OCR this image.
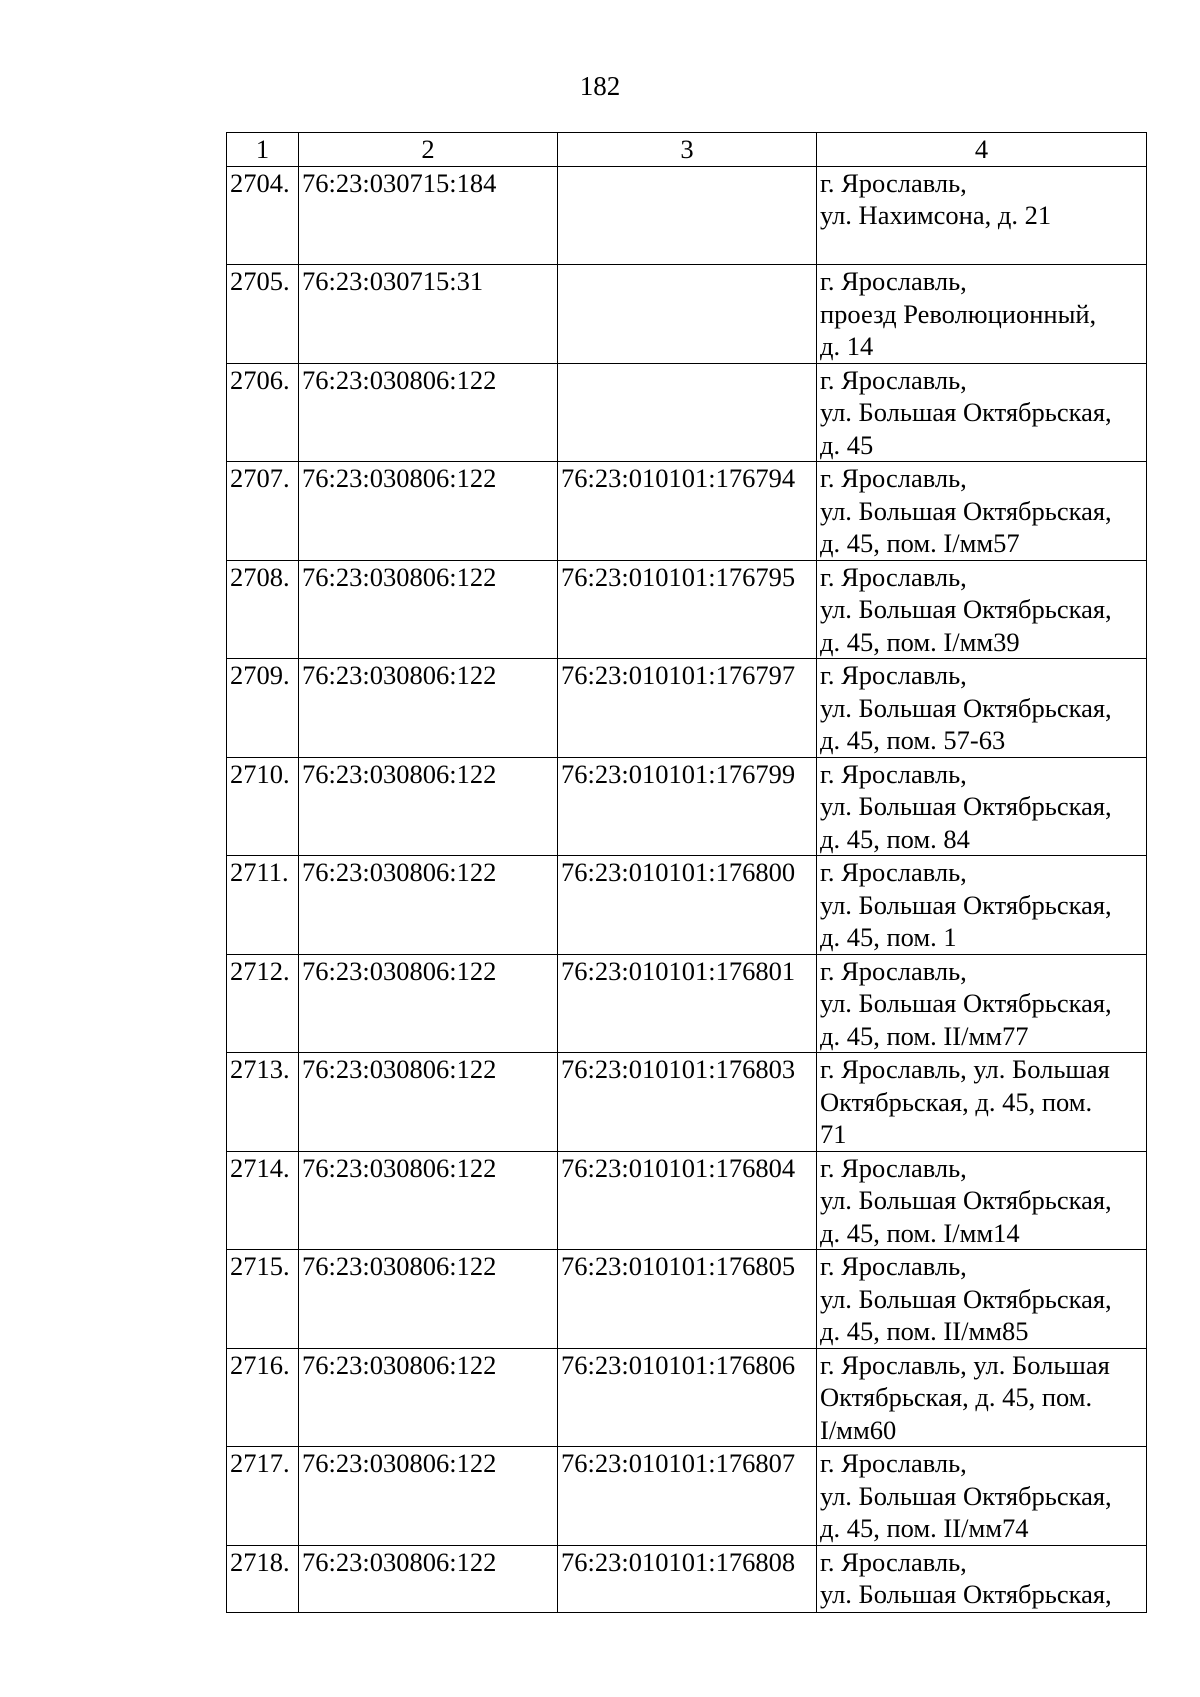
182
1	2	3	4
2704.	76:23:030715:184		г. Ярославль,
ул. Нахимсона, д. 21

2705.	76:23:030715:31		г. Ярославль,
проезд Революционный,
д. 14

2706.	76:23:030806:122		г. Ярославль,
ул. Большая Октябрьская,
д. 45

2707.	76:23:030806:122	76:23:010101:176794	г. Ярославль,
ул. Большая Октябрьская,
д. 45, пом. I/мм57

2708.	76:23:030806:122	76:23:010101:176795	г. Ярославль,
ул. Большая Октябрьская,
д. 45, пом. I/мм39

2709.	76:23:030806:122	76:23:010101:176797	г. Ярославль,
ул. Большая Октябрьская,
д. 45, пом. 57-63

2710.	76:23:030806:122	76:23:010101:176799	г. Ярославль,
ул. Большая Октябрьская,
д. 45, пом. 84

2711.	76:23:030806:122	76:23:010101:176800	г. Ярославль,
ул. Большая Октябрьская,
д. 45, пом. 1

2712.	76:23:030806:122	76:23:010101:176801	г. Ярославль,
ул. Большая Октябрьская,
д. 45, пом. II/мм77

2713.	76:23:030806:122	76:23:010101:176803	г. Ярославль, ул. Большая
Октябрьская, д. 45, пом.
71

2714.	76:23:030806:122	76:23:010101:176804	г. Ярославль,
ул. Большая Октябрьская,
д. 45, пом. I/мм14

2715.	76:23:030806:122	76:23:010101:176805	г. Ярославль,
ул. Большая Октябрьская,
д. 45, пом. II/мм85

2716.	76:23:030806:122	76:23:010101:176806	г. Ярославль, ул. Большая
Октябрьская, д. 45, пом.
I/мм60

2717.	76:23:030806:122	76:23:010101:176807	г. Ярославль,
ул. Большая Октябрьская,
д. 45, пом. II/мм74

2718.	76:23:030806:122	76:23:010101:176808	г. Ярославль,
ул. Большая Октябрьская,
